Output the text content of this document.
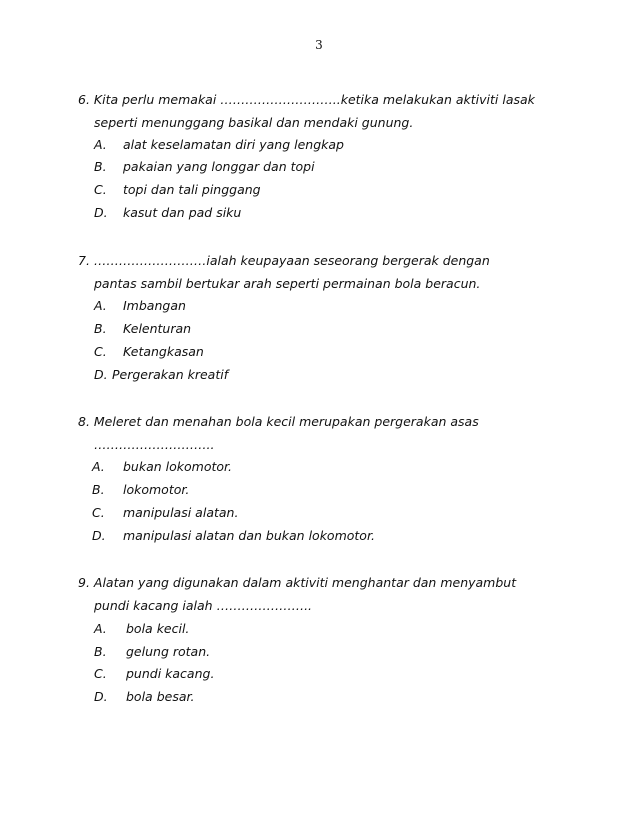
3
6. Kita perlu memakai ………………………..ketika melakukan aktiviti lasak
seperti menunggang basikal dan mendaki gunung.
A. alat keselamatan diri yang lengkap
B. pakaian yang longgar dan topi
C. topi dan tali pinggang
D. kasut dan pad siku
7. ………………………ialah keupayaan seseorang bergerak dengan
pantas sambil bertukar arah seperti permainan bola beracun.
A. Imbangan
B. Kelenturan
C. Ketangkasan
D. Pergerakan kreatif
8. Meleret dan menahan bola kecil merupakan pergerakan asas
………………………..
A. bukan lokomotor.
B. lokomotor.
C. manipulasi alatan.
D. manipulasi alatan dan bukan lokomotor.
9. Alatan yang digunakan dalam aktiviti menghantar dan menyambut
pundi kacang ialah …………………..
A. bola kecil.
B. gelung rotan.
C. pundi kacang.
D. bola besar.
